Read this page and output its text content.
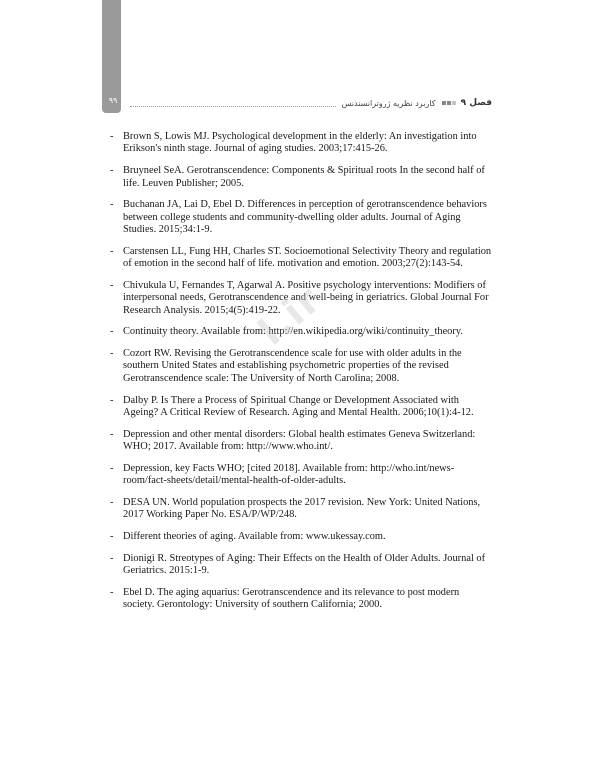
۹۹	فصل ۹
کاربرد نظریه ژروترانسندنس
- Brown S, Lowis MJ. Psychological development in the elderly: An investigation into Erikson's ninth stage. Journal of aging studies. 2003;17:415-26.
- Bruyneel SeA. Gerotranscendence: Components & Spiritual roots In the second half of life. Leuven Publisher; 2005.
- Buchanan JA, Lai D, Ebel D. Differences in perception of gerotranscendence behaviors between college students and community-dwelling older adults. Journal of Aging Studies. 2015;34:1-9.
- Carstensen LL, Fung HH, Charles ST. Socioemotional Selectivity Theory and regulation of emotion in the second half of life. motivation and emotion. 2003;27(2):143-54.
- Chivukula U, Fernandes T, Agarwal A. Positive psychology interventions: Modifiers of interpersonal needs, Gerotranscendence and well-being in geriatrics. Global Journal For Research Analysis. 2015;4(5):419-22.
- Continuity theory. Available from: http://en.wikipedia.org/wiki/continuity_theory.
- Cozort RW. Revising the Gerotranscendence scale for use with older adults in the southern United States and establishing psychometric properties of the revised Gerotranscendence scale: The University of North Carolina; 2008.
- Dalby P. Is There a Process of Spiritual Change or Development Associated with Ageing? A Critical Review of Research. Aging and Mental Health. 2006;10(1):4-12.
- Depression and other mental disorders: Global health estimates Geneva Switzerland: WHO; 2017. Available from: http://www.who.int/.
- Depression, key Facts WHO; [cited 2018]. Available from: http://who.int/news-room/fact-sheets/detail/mental-health-of-older-adults.
- DESA UN. World population prospects the 2017 revision. New York: United Nations, 2017 Working Paper No. ESA/P/WP/248.
- Different theories of aging. Available from: www.ukessay.com.
- Dionigi R. Streotypes of Aging: Their Effects on the Health of Older Adults. Journal of Geriatrics. 2015:1-9.
- Ebel D. The aging aquarius: Gerotranscendence and its relevance to post modern society. Gerontology: University of southern California; 2000.
l.ir
